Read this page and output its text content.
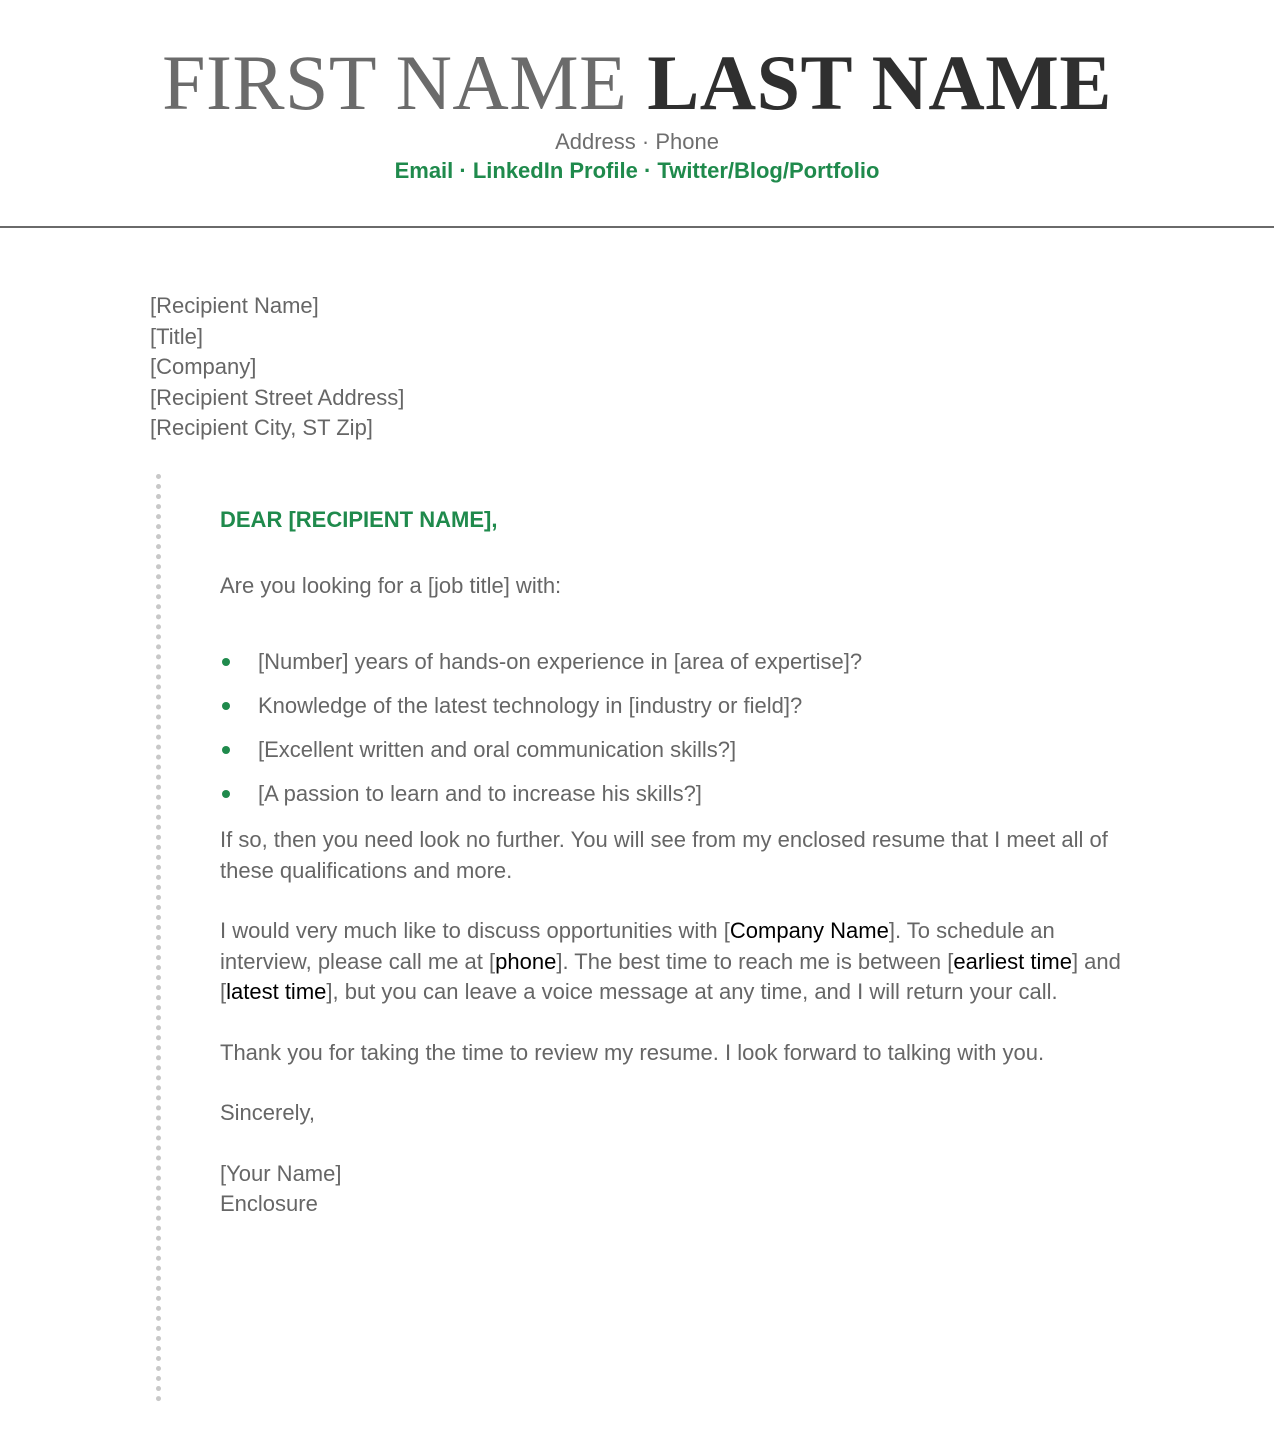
FIRST NAME LAST NAME
Address · Phone
Email · LinkedIn Profile · Twitter/Blog/Portfolio
[Recipient Name]
[Title]
[Company]
[Recipient Street Address]
[Recipient City, ST Zip]

DEAR [RECIPIENT NAME],

Are you looking for a [job title] with:

[Number] years of hands-on experience in [area of expertise]?
Knowledge of the latest technology in [industry or field]?
[Excellent written and oral communication skills?]
[A passion to learn and to increase his skills?]

If so, then you need look no further. You will see from my enclosed resume that I meet all of these qualifications and more.

I would very much like to discuss opportunities with [Company Name]. To schedule an interview, please call me at [phone]. The best time to reach me is between [earliest time] and [latest time], but you can leave a voice message at any time, and I will return your call.

Thank you for taking the time to review my resume. I look forward to talking with you.

Sincerely,

[Your Name]
Enclosure
